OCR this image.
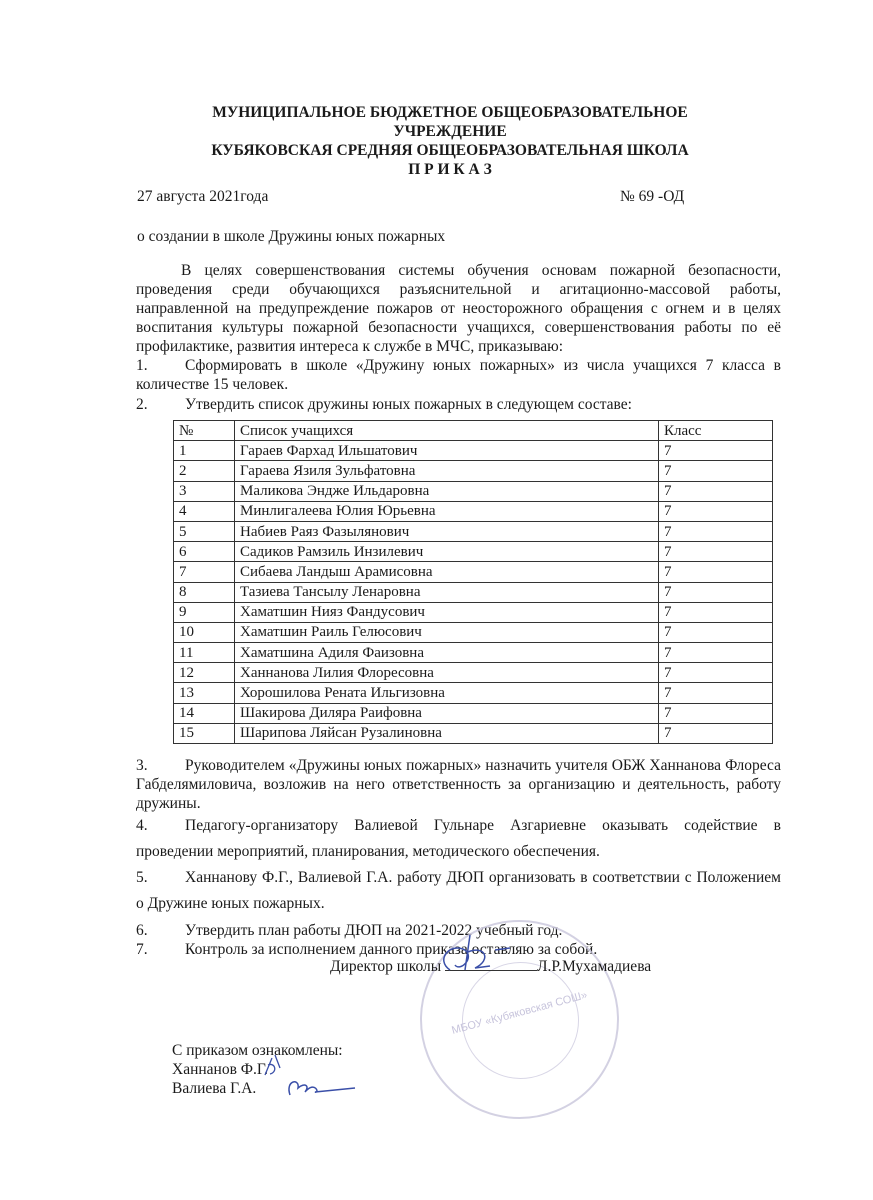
МУНИЦИПАЛЬНОЕ БЮДЖЕТНОЕ ОБЩЕОБРАЗОВАТЕЛЬНОЕ
УЧРЕЖДЕНИЕ
КУБЯКОВСКАЯ СРЕДНЯЯ ОБЩЕОБРАЗОВАТЕЛЬНАЯ ШКОЛА
П Р И К А З
27 августа 2021года	№ 69 -ОД
о создании в школе Дружины юных пожарных

В целях совершенствования системы обучения основам пожарной безопасности, проведения среди обучающихся разъяснительной и агитационно-массовой работы, направленной на предупреждение пожаров от неосторожного обращения с огнем и в целях воспитания культуры пожарной безопасности учащихся, совершенствования работы по её профилактике, развития интереса к службе в МЧС, приказываю:

1. Сформировать в школе «Дружину юных пожарных» из числа учащихся 7 класса в количестве 15 человек.

2. Утвердить список дружины юных пожарных в следующем составе:

№	Список учащихся	Класс
1	Гараев Фархад Ильшатович	7
2	Гараева Язиля Зульфатовна	7
3	Маликова Эндже Ильдаровна	7
4	Минлигалеева Юлия Юрьевна	7
5	Набиев Раяз Фазылянович	7
6	Садиков Рамзиль Инзилевич	7
7	Сибаева Ландыш Арамисовна	7
8	Тазиева Тансылу Ленаровна	7
9	Хаматшин Нияз Фандусович	7
10	Хаматшин Раиль Гелюсович	7
11	Хаматшина Адиля Фаизовна	7
12	Ханнанова Лилия Флоресовна	7
13	Хорошилова Рената Ильгизовна	7
14	Шакирова Диляра Раифовна	7
15	Шарипова Ляйсан Рузалиновна	7

3. Руководителем «Дружины юных пожарных» назначить учителя ОБЖ Ханнанова Флореса Габделямиловича, возложив на него ответственность за организацию и деятельность, работу дружины.

4. Педагогу-организатору Валиевой Гульнаре Азгариевне оказывать содействие в проведении мероприятий, планирования, методического обеспечения.

5. Ханнанову Ф.Г., Валиевой Г.А. работу ДЮП организовать в соответствии с Положением о Дружине юных пожарных.

6. Утвердить план работы ДЮП на 2021-2022 учебный год.

7. Контроль за исполнением данного приказа оставляю за собой.

МБОУ «Кубяковская СОШ»
Директор школы	Л.Р.Мухамадиева
С приказом ознакомлены:
Ханнанов Ф.Г.
Валиева Г.А.
